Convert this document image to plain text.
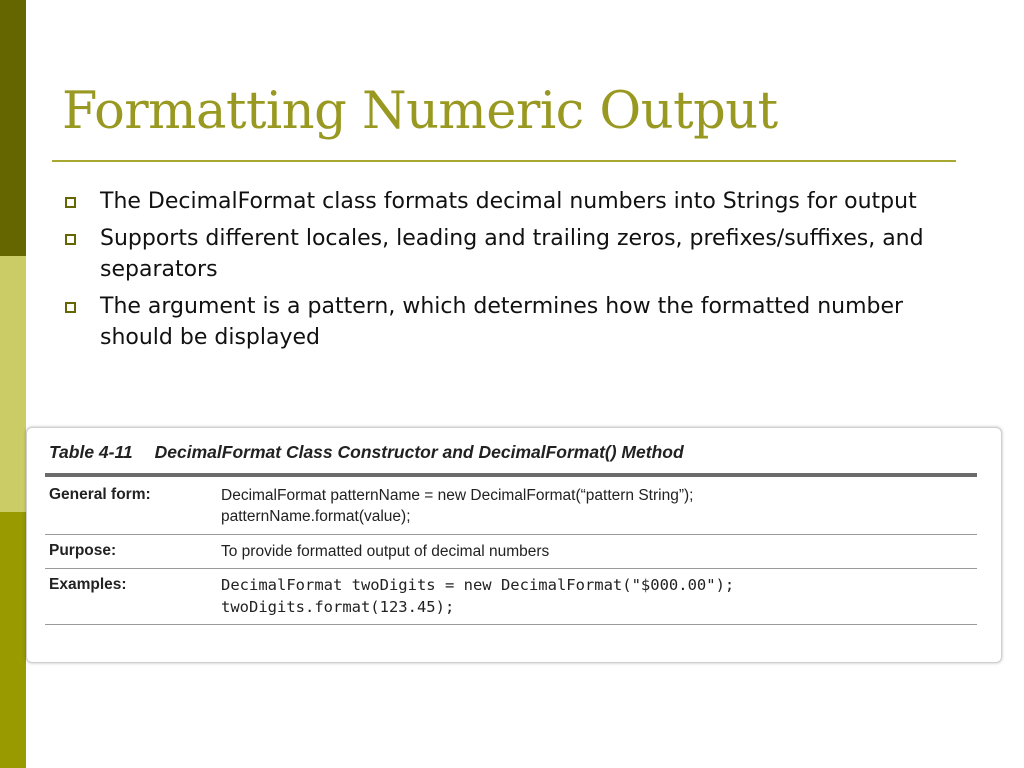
Formatting Numeric Output
The DecimalFormat class formats decimal numbers into Strings for output
Supports different locales, leading and trailing zeros, prefixes/suffixes, and separators
The argument is a pattern, which determines how the formatted number should be displayed
Table 4-11 DecimalFormat Class Constructor and DecimalFormat() Method
General form:	DecimalFormat patternName = new DecimalFormat(“pattern String”);
patternName.format(value);
Purpose:	To provide formatted output of decimal numbers
Examples:	DecimalFormat twoDigits = new DecimalFormat("$000.00");
twoDigits.format(123.45);
